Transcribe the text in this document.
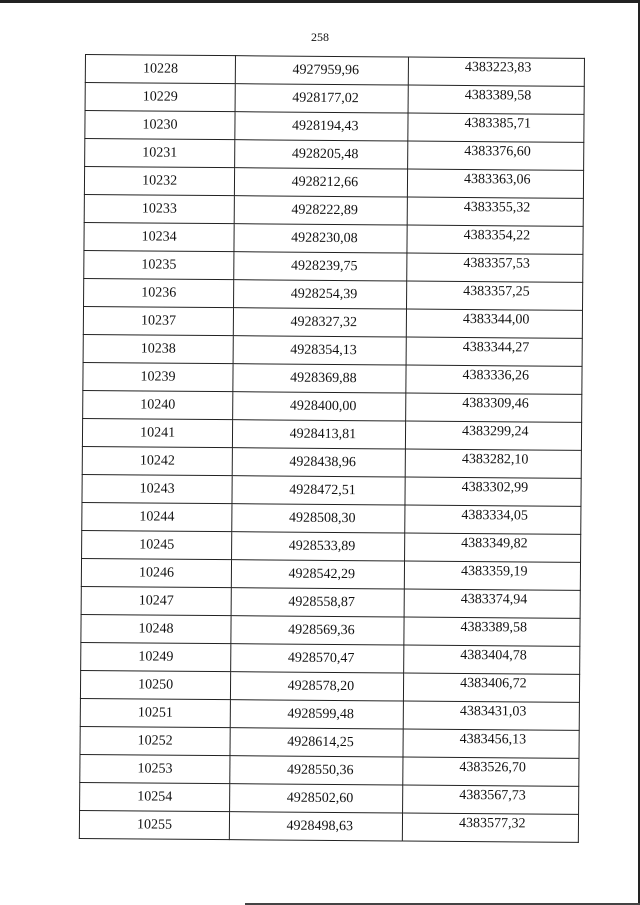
258
10228	4927959,96	4383223,83
10229	4928177,02	4383389,58
10230	4928194,43	4383385,71
10231	4928205,48	4383376,60
10232	4928212,66	4383363,06
10233	4928222,89	4383355,32
10234	4928230,08	4383354,22
10235	4928239,75	4383357,53
10236	4928254,39	4383357,25
10237	4928327,32	4383344,00
10238	4928354,13	4383344,27
10239	4928369,88	4383336,26
10240	4928400,00	4383309,46
10241	4928413,81	4383299,24
10242	4928438,96	4383282,10
10243	4928472,51	4383302,99
10244	4928508,30	4383334,05
10245	4928533,89	4383349,82
10246	4928542,29	4383359,19
10247	4928558,87	4383374,94
10248	4928569,36	4383389,58
10249	4928570,47	4383404,78
10250	4928578,20	4383406,72
10251	4928599,48	4383431,03
10252	4928614,25	4383456,13
10253	4928550,36	4383526,70
10254	4928502,60	4383567,73
10255	4928498,63	4383577,32
